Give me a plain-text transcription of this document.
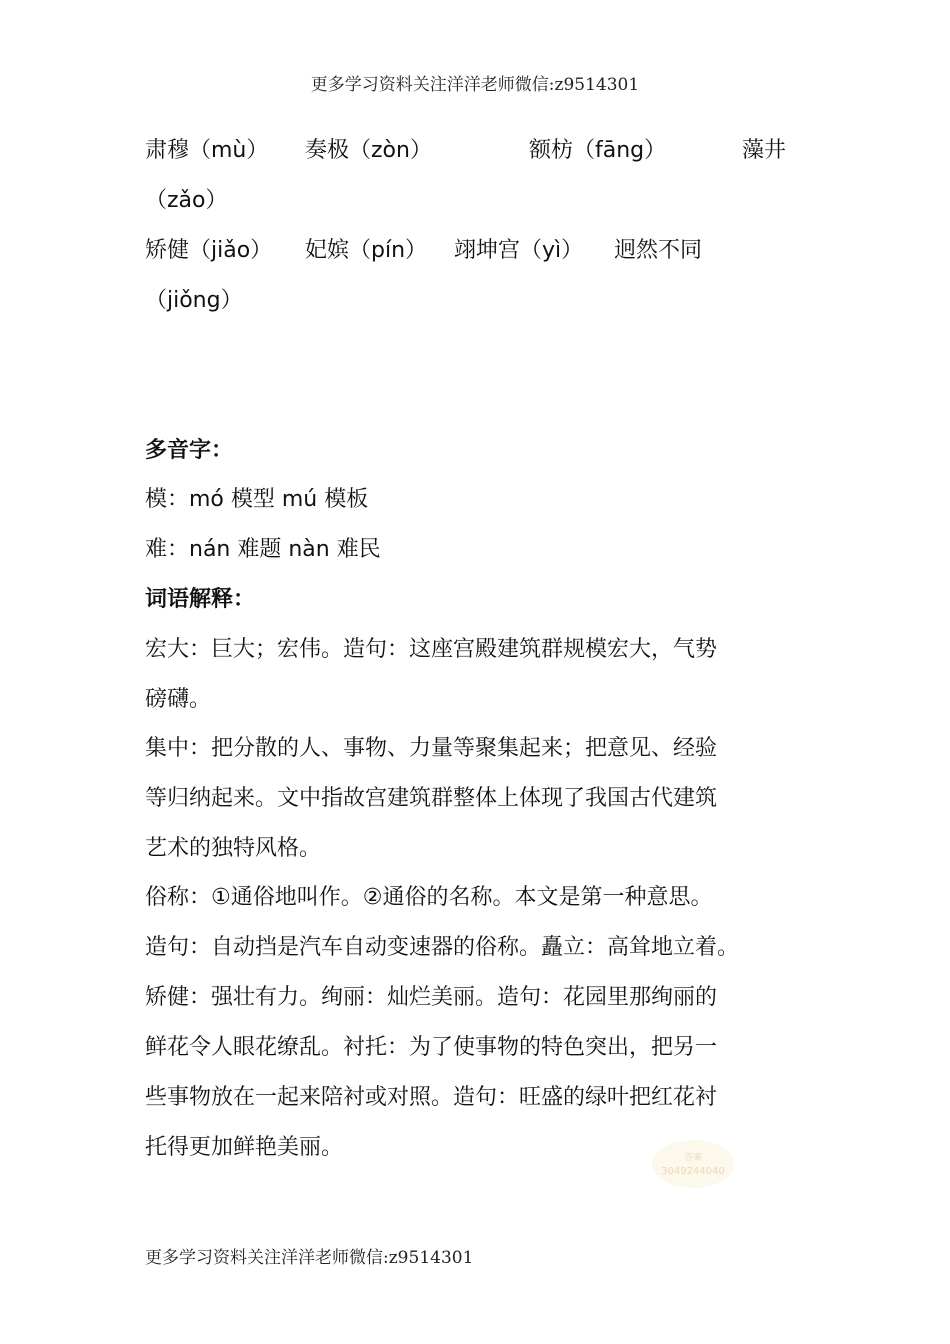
更多学习资料关注洋洋老师微信:z9514301
肃穆（mù） 奏极（zòn）	额枋（fāng）	藻井
（zǎo）
矫健（jiǎo） 妃嫔（pín） 翊坤宫（yì） 迥然不同
（jiǒng）
多音字：
模：mó 模型 mú 模板
难：nán 难题 nàn 难民
词语解释：
宏大：巨大；宏伟。造句：这座宫殿建筑群规模宏大，气势
磅礴。
集中：把分散的人、事物、力量等聚集起来；把意见、经验
等归纳起来。文中指故宫建筑群整体上体现了我国古代建筑
艺术的独特风格。
俗称：①通俗地叫作。②通俗的名称。本文是第一种意思。
造句：自动挡是汽车自动变速器的俗称。矗立：高耸地立着。
矫健：强壮有力。绚丽：灿烂美丽。造句：花园里那绚丽的
鲜花令人眼花缭乱。衬托：为了使事物的特色突出，把另一
些事物放在一起来陪衬或对照。造句：旺盛的绿叶把红花衬
托得更加鲜艳美丽。	答案
3049244040
更多学习资料关注洋洋老师微信:z9514301
